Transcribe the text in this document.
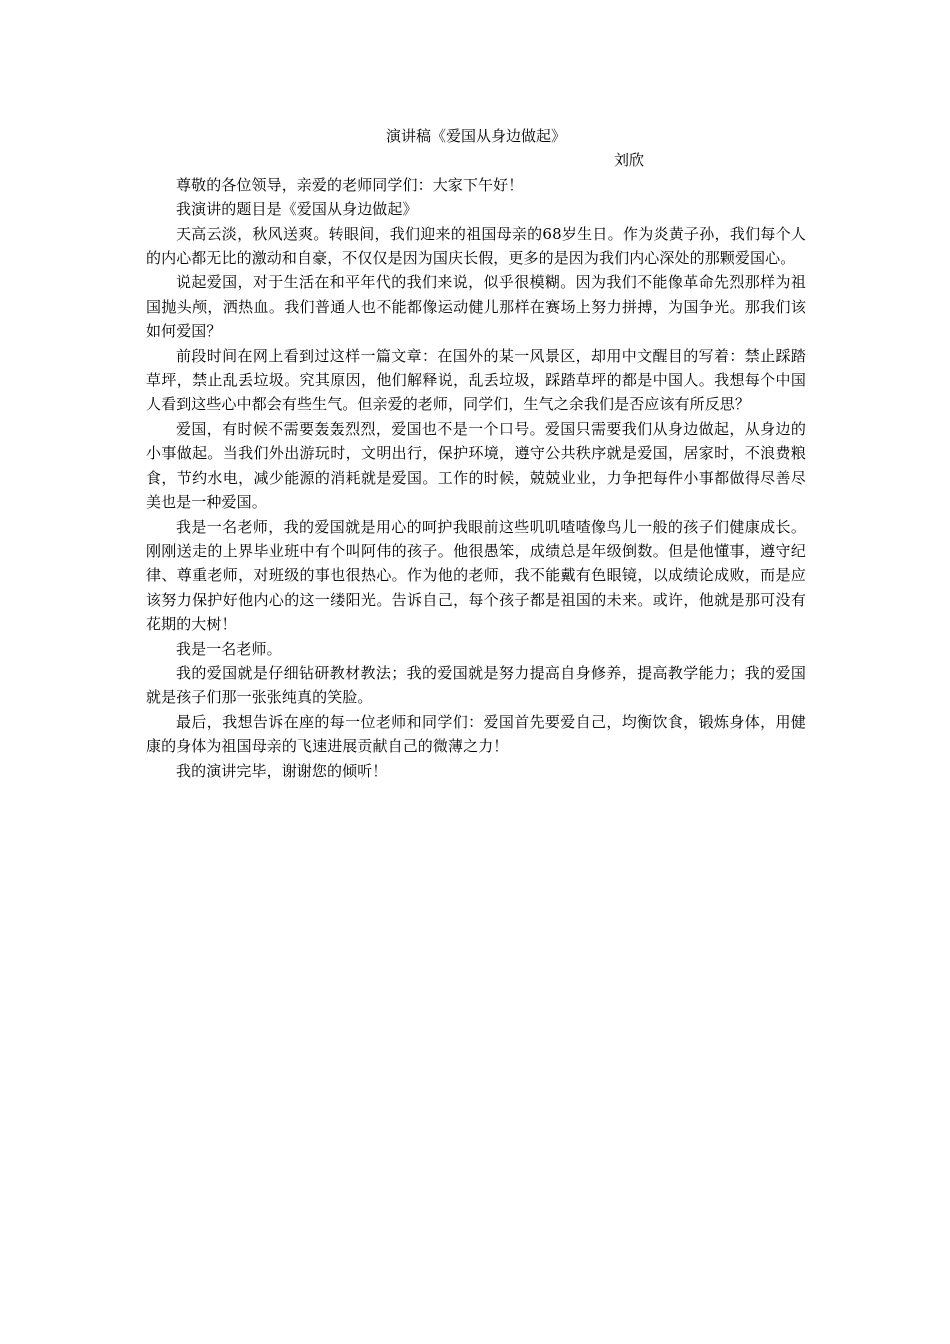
演讲稿《爱国从身边做起》

刘欣

尊敬的各位领导，亲爱的老师同学们：大家下午好！

我演讲的题目是《爱国从身边做起》

天高云淡，秋风送爽。转眼间，我们迎来的祖国母亲的68岁生日。作为炎黄子孙，我们每个人的内心都无比的激动和自豪，不仅仅是因为国庆长假，更多的是因为我们内心深处的那颗爱国心。

说起爱国，对于生活在和平年代的我们来说，似乎很模糊。因为我们不能像革命先烈那样为祖国抛头颅，洒热血。我们普通人也不能都像运动健儿那样在赛场上努力拼搏，为国争光。那我们该如何爱国？

前段时间在网上看到过这样一篇文章：在国外的某一风景区，却用中文醒目的写着：禁止踩踏草坪，禁止乱丢垃圾。究其原因，他们解释说，乱丢垃圾，踩踏草坪的都是中国人。我想每个中国人看到这些心中都会有些生气。但亲爱的老师，同学们，生气之余我们是否应该有所反思？

爱国，有时候不需要轰轰烈烈，爱国也不是一个口号。爱国只需要我们从身边做起，从身边的小事做起。当我们外出游玩时，文明出行，保护环境，遵守公共秩序就是爱国，居家时，不浪费粮食，节约水电，减少能源的消耗就是爱国。工作的时候，兢兢业业，力争把每件小事都做得尽善尽美也是一种爱国。

我是一名老师，我的爱国就是用心的呵护我眼前这些叽叽喳喳像鸟儿一般的孩子们健康成长。刚刚送走的上界毕业班中有个叫阿伟的孩子。他很愚笨，成绩总是年级倒数。但是他懂事，遵守纪律、尊重老师，对班级的事也很热心。作为他的老师，我不能戴有色眼镜，以成绩论成败，而是应该努力保护好他内心的这一缕阳光。告诉自己，每个孩子都是祖国的未来。或许，他就是那可没有花期的大树！

我是一名老师。

我的爱国就是仔细钻研教材教法；我的爱国就是努力提高自身修养，提高教学能力；我的爱国就是孩子们那一张张纯真的笑脸。

最后，我想告诉在座的每一位老师和同学们：爱国首先要爱自己，均衡饮食，锻炼身体，用健康的身体为祖国母亲的飞速进展贡献自己的微薄之力！

我的演讲完毕，谢谢您的倾听！
